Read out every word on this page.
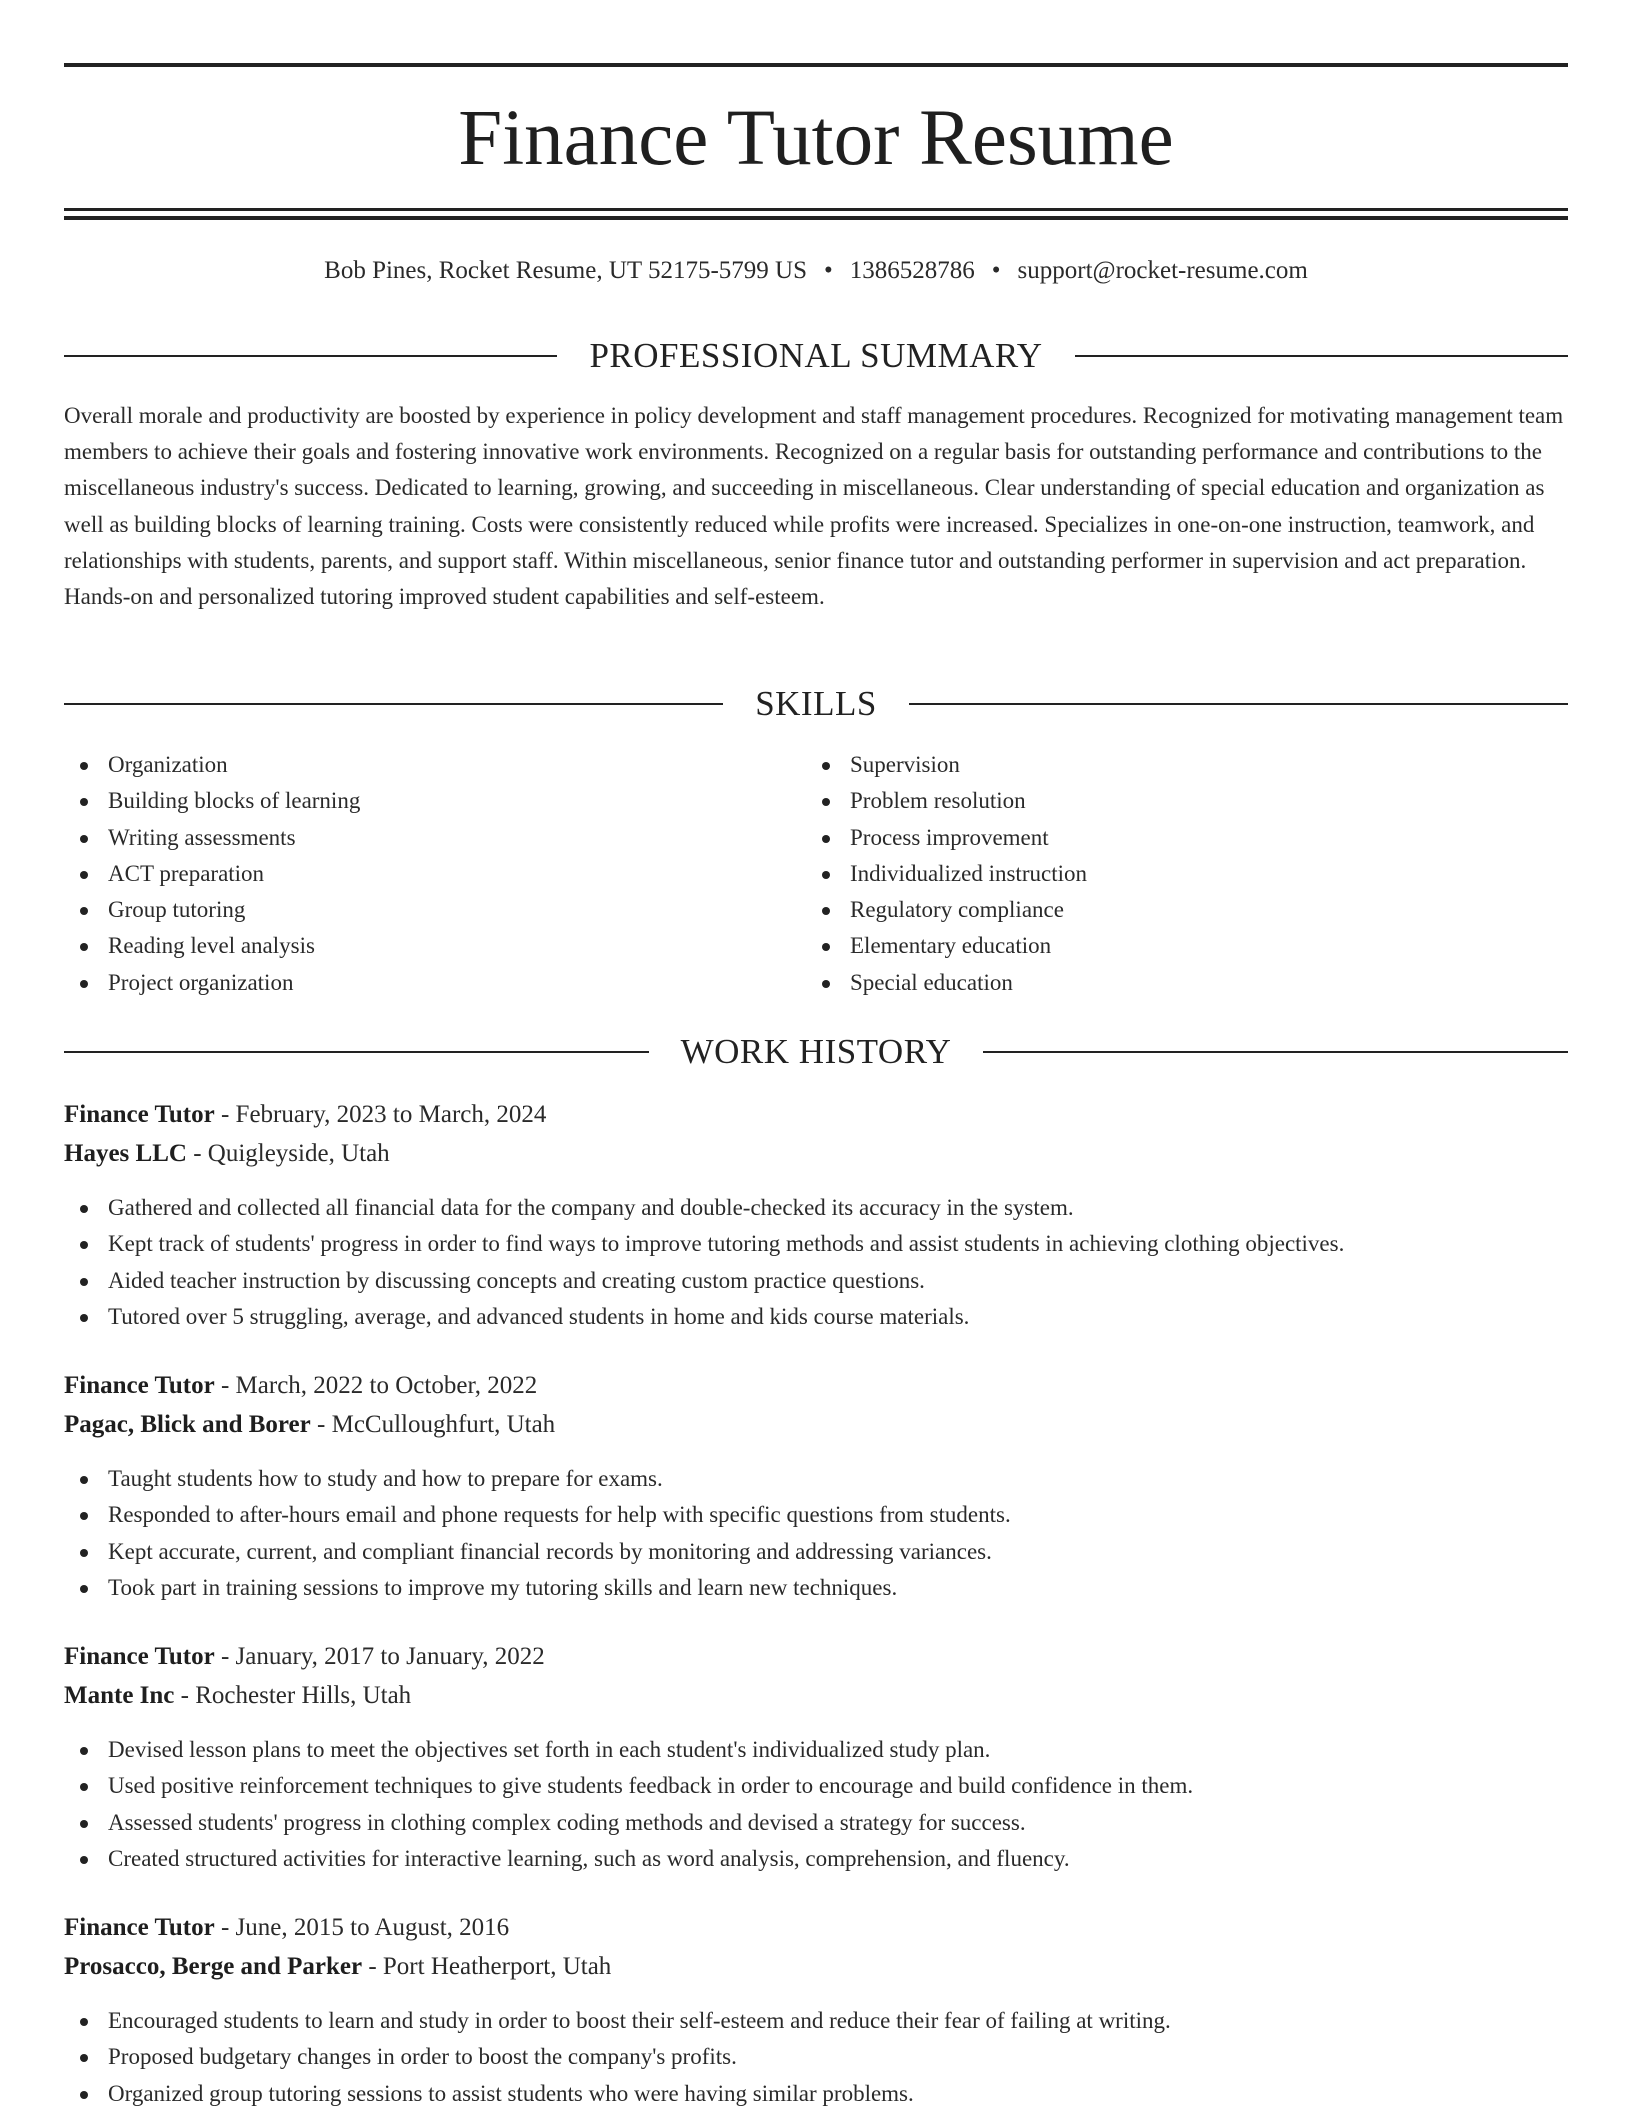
Finance Tutor Resume
Bob Pines, Rocket Resume, UT 52175-5799 US • 1386528786 • support@rocket-resume.com
PROFESSIONAL SUMMARY

Overall morale and productivity are boosted by experience in policy development and staff management procedures. Recognized for motivating management team members to achieve their goals and fostering innovative work environments. Recognized on a regular basis for outstanding performance and contributions to the miscellaneous industry's success. Dedicated to learning, growing, and succeeding in miscellaneous. Clear understanding of special education and organization as well as building blocks of learning training. Costs were consistently reduced while profits were increased. Specializes in one-on-one instruction, teamwork, and relationships with students, parents, and support staff. Within miscellaneous, senior finance tutor and outstanding performer in supervision and act preparation. Hands-on and personalized tutoring improved student capabilities and self-esteem.

SKILLS
Organization
Building blocks of learning
Writing assessments
ACT preparation
Group tutoring
Reading level analysis
Project organization
Supervision
Problem resolution
Process improvement
Individualized instruction
Regulatory compliance
Elementary education
Special education
WORK HISTORY
Finance Tutor - February, 2023 to March, 2024
Hayes LLC - Quigleyside, Utah
Gathered and collected all financial data for the company and double-checked its accuracy in the system.
Kept track of students' progress in order to find ways to improve tutoring methods and assist students in achieving clothing objectives.
Aided teacher instruction by discussing concepts and creating custom practice questions.
Tutored over 5 struggling, average, and advanced students in home and kids course materials.
Finance Tutor - March, 2022 to October, 2022
Pagac, Blick and Borer - McCulloughfurt, Utah
Taught students how to study and how to prepare for exams.
Responded to after-hours email and phone requests for help with specific questions from students.
Kept accurate, current, and compliant financial records by monitoring and addressing variances.
Took part in training sessions to improve my tutoring skills and learn new techniques.
Finance Tutor - January, 2017 to January, 2022
Mante Inc - Rochester Hills, Utah
Devised lesson plans to meet the objectives set forth in each student's individualized study plan.
Used positive reinforcement techniques to give students feedback in order to encourage and build confidence in them.
Assessed students' progress in clothing complex coding methods and devised a strategy for success.
Created structured activities for interactive learning, such as word analysis, comprehension, and fluency.
Finance Tutor - June, 2015 to August, 2016
Prosacco, Berge and Parker - Port Heatherport, Utah
Encouraged students to learn and study in order to boost their self-esteem and reduce their fear of failing at writing.
Proposed budgetary changes in order to boost the company's profits.
Organized group tutoring sessions to assist students who were having similar problems.
